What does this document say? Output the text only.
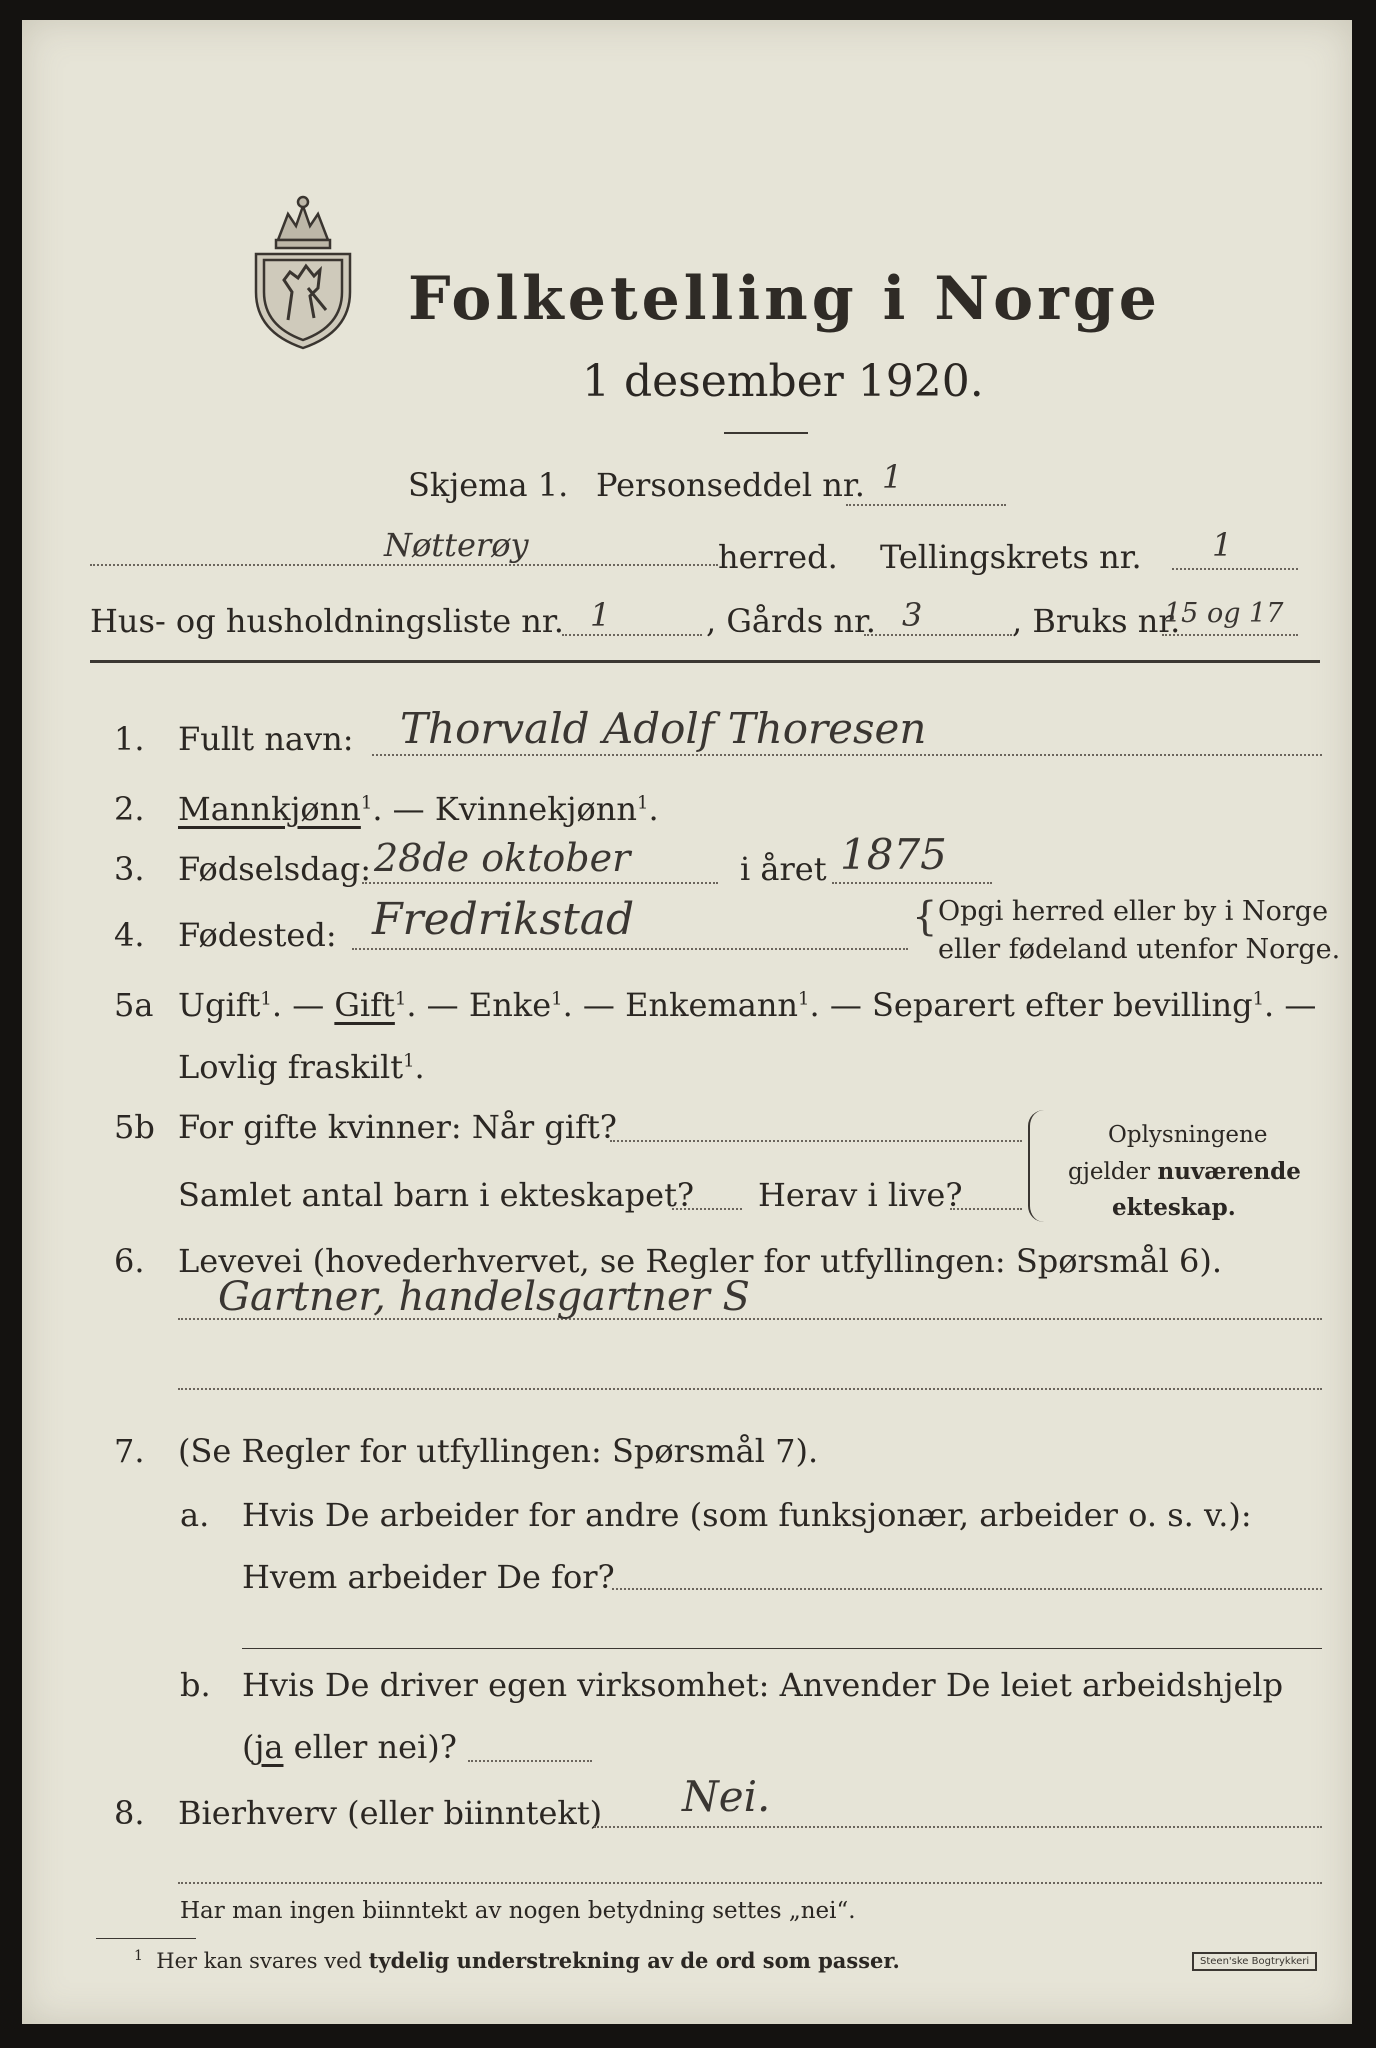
Folketelling i Norge
1 desember 1920.
Skjema 1. Personseddel nr. 1
Nøtterøy	herred. Tellingskrets nr. 1
Hus- og husholdningsliste nr. 1	, Gårds nr. 3	, Bruks nr.
15 og 17
1. Fullt navn: Thorvald Adolf Thoresen
2. Mannkjønn$^1$. — Kvinnekjønn$^1$.
3. Fødselsdag: 28de oktober	i året 1875
4. Fødested: Fredrikstad	{ Opgi herred eller by i Norge
eller fødeland utenfor Norge.
5a Ugift$^1$. — Gift$^1$. — Enke$^1$. — Enkemann$^1$. — Separert efter bevilling$^1$. —
Lovlig fraskilt$^1$.
5b For gifte kvinner: Når gift?
Samlet antal barn i ekteskapet? Herav i live?
Oplysningene
gjelder nuværende
ekteskap.
6. Levevei (hovederhvervet, se Regler for utfyllingen: Spørsmål 6).
Gartner, handelsgartner S
7. (Se Regler for utfyllingen: Spørsmål 7).
a. Hvis De arbeider for andre (som funksjonær, arbeider o. s. v.):
Hvem arbeider De for?
b. Hvis De driver egen virksomhet: Anvender De leiet arbeidshjelp
(ja eller nei)?
8. Bierhverv (eller biinntekt) Nei.
Har man ingen biinntekt av nogen betydning settes „nei“.
$^1$ Her kan svares ved tydelig understrekning av de ord som passer.	Steen'ske Bogtrykkeri
